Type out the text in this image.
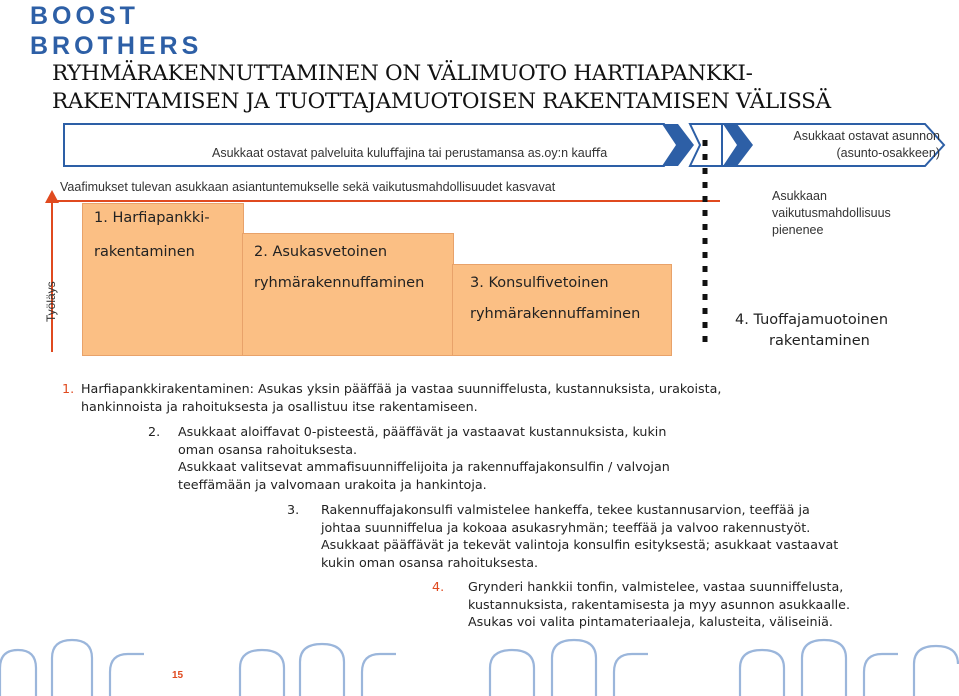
BOOST
BROTHERS
RYHMÄRAKENNUTTAMINEN ON VÄLIMUOTO HARTIAPANKKI-
RAKENTAMISEN JA TUOTTAJAMUOTOISEN RAKENTAMISEN VÄLISSÄ
Asukkaat ostavat palveluita kuluﬀajina tai perustamansa as.oy:n kauﬀa
Asukkaat ostavat asunnon
(asunto-osakkeen)
Vaaﬁmukset tulevan asukkaan asiantuntemukselle sekä vaikutusmahdollisuudet kasvavat
Asukkaan
vaikutusmahdollisuus
pienenee
Työläys
1. Harﬁapankki-
rakentaminen	2. Asukasvetoinen
ryhmärakennuﬀaminen	3. Konsulﬁvetoinen
ryhmärakennuﬀaminen	4. Tuoﬀajamuotoinen
rakentaminen
1. Harﬁapankkirakentaminen: Asukas yksin pääﬀää ja vastaa suunniﬀelusta, kustannuksista, urakoista,
hankinnoista ja rahoituksesta ja osallistuu itse rakentamiseen.
2. Asukkaat aloiﬀavat 0-pisteestä, pääﬀävät ja vastaavat kustannuksista, kukin
oman osansa rahoituksesta.
Asukkaat valitsevat ammaﬁsuunniﬀelijoita ja rakennuﬀajakonsulﬁn / valvojan
teeﬀämään ja valvomaan urakoita ja hankintoja.
3. Rakennuﬀajakonsulﬁ valmistelee hankeﬀa, tekee kustannusarvion, teeﬀää ja
johtaa suunniﬀelua ja kokoaa asukasryhmän; teeﬀää ja valvoo rakennustyöt.
Asukkaat pääﬀävät ja tekevät valintoja konsulﬁn esityksestä; asukkaat vastaavat
kukin oman osansa rahoituksesta.
4. Grynderi hankkii tonﬁn, valmistelee, vastaa suunniﬀelusta,
kustannuksista, rakentamisesta ja myy asunnon asukkaalle.
Asukas voi valita pintamateriaaleja, kalusteita, väliseiniä.
15
